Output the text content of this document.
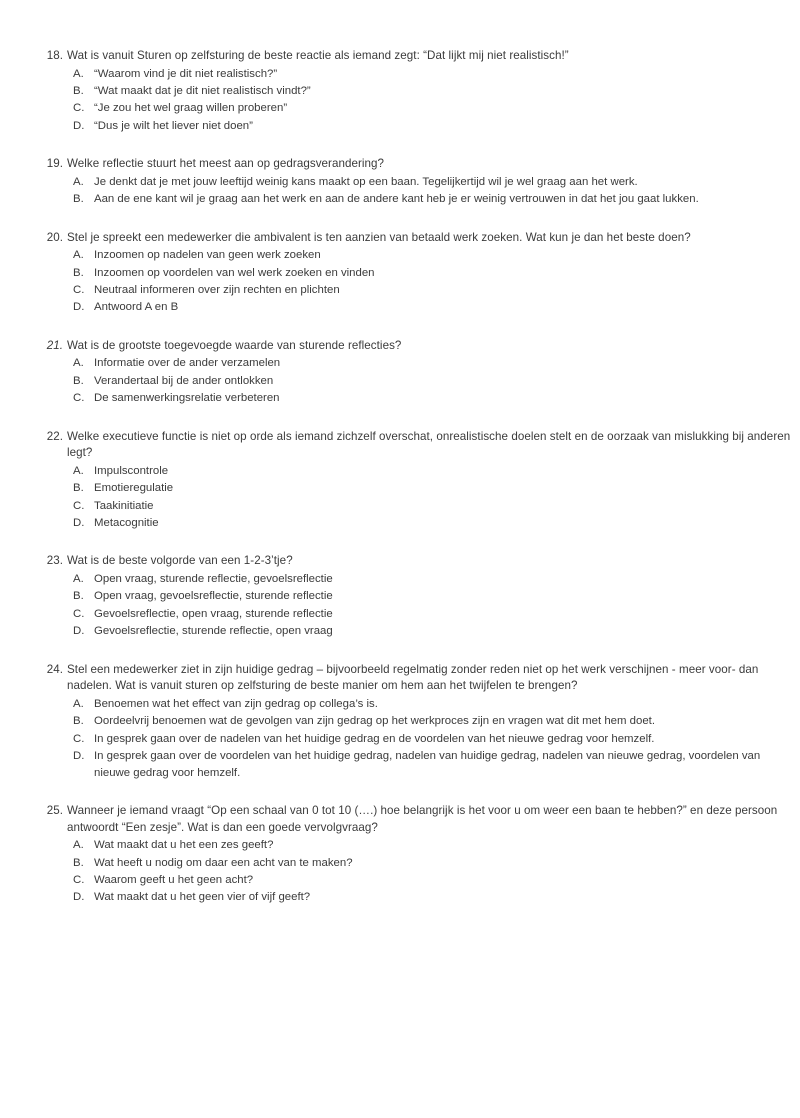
18. Wat is vanuit Sturen op zelfsturing de beste reactie als iemand zegt: “Dat lijkt mij niet realistisch!”
A. “Waarom vind je dit niet realistisch?”
B. “Wat maakt dat je dit niet realistisch vindt?”
C. “Je zou het wel graag willen proberen”
D. “Dus je wilt het liever niet doen”
19. Welke reflectie stuurt het meest aan op gedragsverandering?
A. Je denkt dat je met jouw leeftijd weinig kans maakt op een baan. Tegelijkertijd wil je wel graag aan het werk.
B. Aan de ene kant wil je graag aan het werk en aan de andere kant heb je er weinig vertrouwen in dat het jou gaat lukken.
20. Stel je spreekt een medewerker die ambivalent is ten aanzien van betaald werk zoeken. Wat kun je dan het beste doen?
A. Inzoomen op nadelen van geen werk zoeken
B. Inzoomen op voordelen van wel werk zoeken en vinden
C. Neutraal informeren over zijn rechten en plichten
D. Antwoord A en B
21. Wat is de grootste toegevoegde waarde van sturende reflecties?
A. Informatie over de ander verzamelen
B. Verandertaal bij de ander ontlokken
C. De samenwerkingsrelatie verbeteren
22. Welke executieve functie is niet op orde als iemand zichzelf overschat, onrealistische doelen stelt en de oorzaak van mislukking bij anderen legt?
A. Impulscontrole
B. Emotieregulatie
C. Taakinitiatie
D. Metacognitie
23. Wat is de beste volgorde van een 1-2-3’tje?
A. Open vraag, sturende reflectie, gevoelsreflectie
B. Open vraag, gevoelsreflectie, sturende reflectie
C. Gevoelsreflectie, open vraag, sturende reflectie
D. Gevoelsreflectie, sturende reflectie, open vraag
24. Stel een medewerker ziet in zijn huidige gedrag – bijvoorbeeld regelmatig zonder reden niet op het werk verschijnen - meer voor- dan nadelen. Wat is vanuit sturen op zelfsturing de beste manier om hem aan het twijfelen te brengen?
A. Benoemen wat het effect van zijn gedrag op collega’s is.
B. Oordeelvrij benoemen wat de gevolgen van zijn gedrag op het werkproces zijn en vragen wat dit met hem doet.
C. In gesprek gaan over de nadelen van het huidige gedrag en de voordelen van het nieuwe gedrag voor hemzelf.
D. In gesprek gaan over de voordelen van het huidige gedrag, nadelen van huidige gedrag, nadelen van nieuwe gedrag, voordelen van nieuwe gedrag voor hemzelf.
25. Wanneer je iemand vraagt “Op een schaal van 0 tot 10 (….) hoe belangrijk is het voor u om weer een baan te hebben?” en deze persoon antwoordt “Een zesje”. Wat is dan een goede vervolgvraag?
A. Wat maakt dat u het een zes geeft?
B. Wat heeft u nodig om daar een acht van te maken?
C. Waarom geeft u het geen acht?
D. Wat maakt dat u het geen vier of vijf geeft?
